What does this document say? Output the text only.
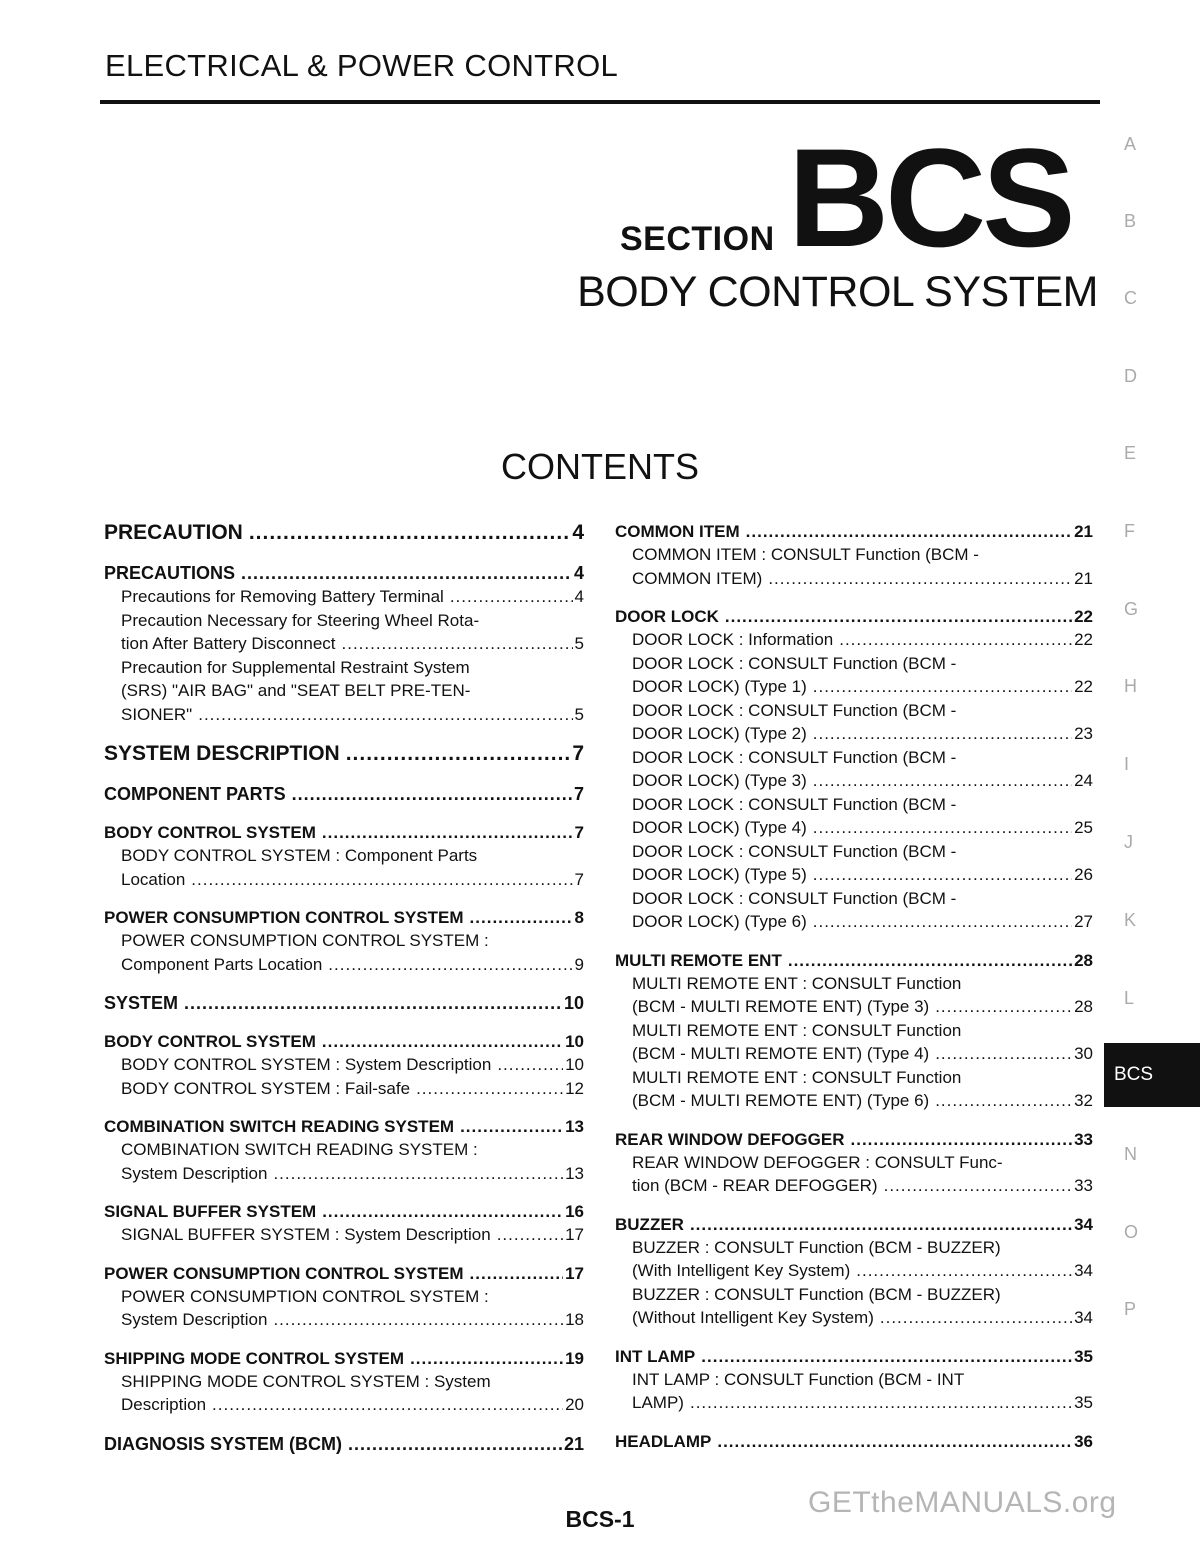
ELECTRICAL & POWER CONTROL
SECTION BCS
BODY CONTROL SYSTEM
CONTENTS
A
B
C
D
E
F
G
H
I
J
K
L
BCS
N
O
P
PRECAUTION .....	4
PRECAUTIONS .....	4
Precautions for Removing Battery Terminal .....	4
Precaution Necessary for Steering Wheel Rota-
tion After Battery Disconnect .....	5
Precaution for Supplemental Restraint System
(SRS) "AIR BAG" and "SEAT BELT PRE-TEN-
SIONER" .....	5
SYSTEM DESCRIPTION .....	7
COMPONENT PARTS .....	7
BODY CONTROL SYSTEM .....	7
BODY CONTROL SYSTEM : Component Parts
Location .....	7
POWER CONSUMPTION CONTROL SYSTEM .....	8
POWER CONSUMPTION CONTROL SYSTEM :
Component Parts Location .....	9
SYSTEM .....	10
BODY CONTROL SYSTEM .....	10
BODY CONTROL SYSTEM : System Description .....	10
BODY CONTROL SYSTEM : Fail-safe .....	12
COMBINATION SWITCH READING SYSTEM .....	13
COMBINATION SWITCH READING SYSTEM :
System Description .....	13
SIGNAL BUFFER SYSTEM .....	16
SIGNAL BUFFER SYSTEM : System Description .....	17
POWER CONSUMPTION CONTROL SYSTEM .....	17
POWER CONSUMPTION CONTROL SYSTEM :
System Description .....	18
SHIPPING MODE CONTROL SYSTEM .....	19
SHIPPING MODE CONTROL SYSTEM : System
Description .....	20
DIAGNOSIS SYSTEM (BCM) .....	21
COMMON ITEM .....	21
COMMON ITEM : CONSULT Function (BCM -
COMMON ITEM) .....	21
DOOR LOCK .....	22
DOOR LOCK : Information .....	22
DOOR LOCK : CONSULT Function (BCM -
DOOR LOCK) (Type 1) .....	22
DOOR LOCK : CONSULT Function (BCM -
DOOR LOCK) (Type 2) .....	23
DOOR LOCK : CONSULT Function (BCM -
DOOR LOCK) (Type 3) .....	24
DOOR LOCK : CONSULT Function (BCM -
DOOR LOCK) (Type 4) .....	25
DOOR LOCK : CONSULT Function (BCM -
DOOR LOCK) (Type 5) .....	26
DOOR LOCK : CONSULT Function (BCM -
DOOR LOCK) (Type 6) .....	27
MULTI REMOTE ENT .....	28
MULTI REMOTE ENT : CONSULT Function
(BCM - MULTI REMOTE ENT) (Type 3) .....	28
MULTI REMOTE ENT : CONSULT Function
(BCM - MULTI REMOTE ENT) (Type 4) .....	30
MULTI REMOTE ENT : CONSULT Function
(BCM - MULTI REMOTE ENT) (Type 6) .....	32
REAR WINDOW DEFOGGER .....	33
REAR WINDOW DEFOGGER : CONSULT Func-
tion (BCM - REAR DEFOGGER) .....	33
BUZZER .....	34
BUZZER : CONSULT Function (BCM - BUZZER)
(With Intelligent Key System) .....	34
BUZZER : CONSULT Function (BCM - BUZZER)
(Without Intelligent Key System) .....	34
INT LAMP .....	35
INT LAMP : CONSULT Function (BCM - INT
LAMP) .....	35
HEADLAMP .....	36
BCS-1	GETtheMANUALS.org
